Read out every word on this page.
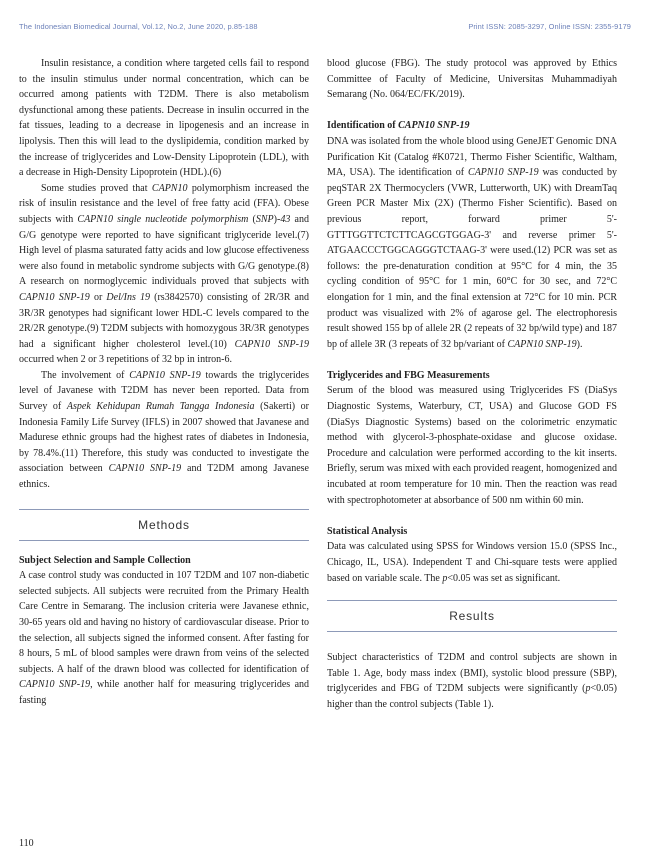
The Indonesian Biomedical Journal, Vol.12, No.2, June 2020, p.85-188	Print ISSN: 2085-3297, Online ISSN: 2355-9179

Insulin resistance, a condition where targeted cells fail to respond to the insulin stimulus under normal concentration, which can be occurred among patients with T2DM. There is also metabolism dysfunctional among these patients. Decrease in insulin occurred in the fat tissues, leading to a decrease in lipogenesis and an increase in lipolysis. Then this will lead to the dyslipidemia, condition marked by the increase of triglycerides and Low-Density Lipoprotein (LDL), with a decrease in High-Density Lipoprotein (HDL).(6)

Some studies proved that CAPN10 polymorphism increased the risk of insulin resistance and the level of free fatty acid (FFA). Obese subjects with CAPN10 single nucleotide polymorphism (SNP)-43 and G/G genotype were reported to have significant triglyceride level.(7) High level of plasma saturated fatty acids and low glucose effectiveness were also found in metabolic syndrome subjects with G/G genotype.(8) A research on normoglycemic individuals proved that subjects with CAPN10 SNP-19 or Del/Ins 19 (rs3842570) consisting of 2R/3R and 3R/3R genotypes had significant lower HDL-C levels compared to the 2R/2R genotype.(9) T2DM subjects with homozygous 3R/3R genotypes had a significant higher cholesterol level.(10) CAPN10 SNP-19 occurred when 2 or 3 repetitions of 32 bp in intron-6.

The involvement of CAPN10 SNP-19 towards the triglycerides level of Javanese with T2DM has never been reported. Data from Survey of Aspek Kehidupan Rumah Tangga Indonesia (Sakerti) or Indonesia Family Life Survey (IFLS) in 2007 showed that Javanese and Madurese ethnic groups had the highest rates of diabetes in Indonesia, by 78.4%.(11) Therefore, this study was conducted to investigate the association between CAPN10 SNP-19 and T2DM among Javanese ethnics.

Methods

Subject Selection and Sample Collection

A case control study was conducted in 107 T2DM and 107 non-diabetic selected subjects. All subjects were recruited from the Primary Health Care Centre in Semarang. The inclusion criteria were Javanese ethnic, 30-65 years old and having no history of cardiovascular disease. Prior to the selection, all subjects signed the informed consent. After fasting for 8 hours, 5 mL of blood samples were drawn from veins of the selected subjects. A half of the drawn blood was collected for identification of CAPN10 SNP-19, while another half for measuring triglycerides and fasting

blood glucose (FBG). The study protocol was approved by Ethics Committee of Faculty of Medicine, Universitas Muhammadiyah Semarang (No. 064/EC/FK/2019).

Identification of CAPN10 SNP-19

DNA was isolated from the whole blood using GeneJET Genomic DNA Purification Kit (Catalog #K0721, Thermo Fisher Scientific, Waltham, MA, USA). The identification of CAPN10 SNP-19 was conducted by peqSTAR 2X Thermocyclers (VWR, Lutterworth, UK) with DreamTaq Green PCR Master Mix (2X) (Thermo Fisher Scientific). Based on previous report, forward primer 5'-GTTTGGTTCTCTTCAGCGTGGAG-3' and reverse primer 5'-ATGAACCCTGGCAGGGTCTAAG-3' were used.(12) PCR was set as follows: the pre-denaturation condition at 95°C for 4 min, the 35 cycling condition of 95°C for 1 min, 60°C for 30 sec, and 72°C elongation for 1 min, and the final extension at 72°C for 10 min. PCR product was visualized with 2% of agarose gel. The electrophoresis result showed 155 bp of allele 2R (2 repeats of 32 bp/wild type) and 187 bp of allele 3R (3 repeats of 32 bp/variant of CAPN10 SNP-19).

Triglycerides and FBG Measurements

Serum of the blood was measured using Triglycerides FS (DiaSys Diagnostic Systems, Waterbury, CT, USA) and Glucose GOD FS (DiaSys Diagnostic Systems) based on the colorimetric enzymatic method with glycerol-3-phosphate-oxidase and glucose oxidase. Procedure and calculation were performed according to the kit inserts. Briefly, serum was mixed with each provided reagent, homogenized and incubated at room temperature for 10 min. Then the reaction was read with spectrophotometer at absorbance of 500 nm within 60 min.

Statistical Analysis

Data was calculated using SPSS for Windows version 15.0 (SPSS Inc., Chicago, IL, USA). Independent T and Chi-square tests were applied based on variable scale. The p<0.05 was set as significant.

Results

Subject characteristics of T2DM and control subjects are shown in Table 1. Age, body mass index (BMI), systolic blood pressure (SBP), triglycerides and FBG of T2DM subjects were significantly (p<0.05) higher than the control subjects (Table 1).

110
